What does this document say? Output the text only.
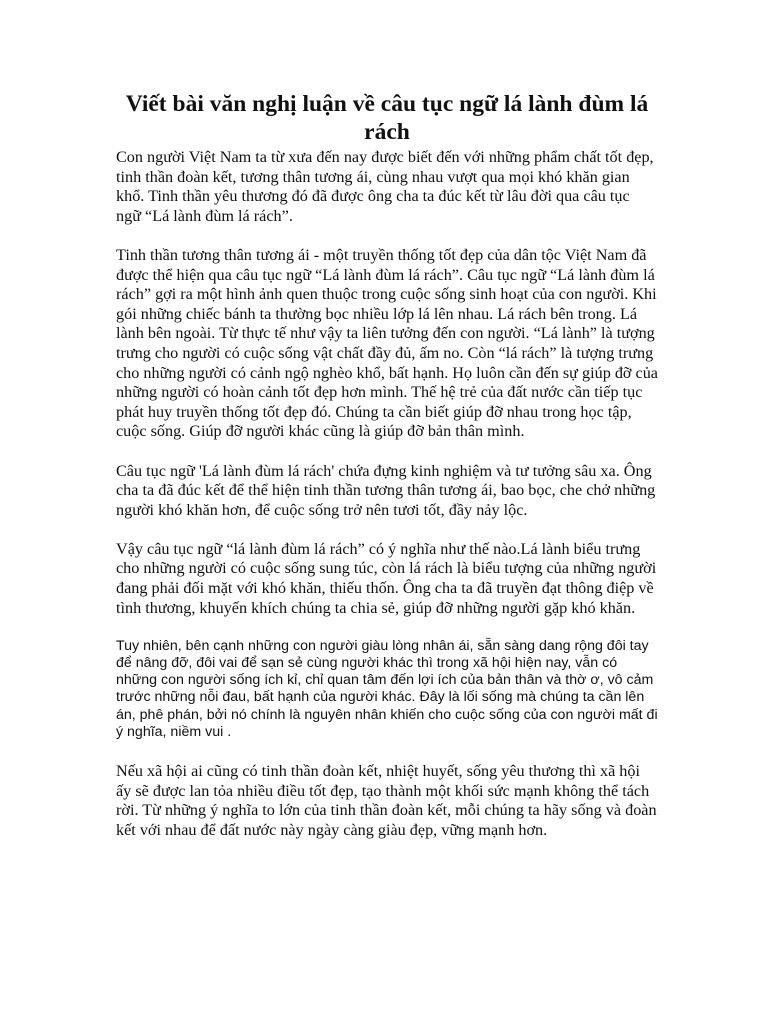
Viết bài văn nghị luận về câu tục ngữ lá lành đùm lá rách

Con người Việt Nam ta từ xưa đến nay được biết đến với những phẩm chất tốt đẹp, tinh thần đoàn kết, tương thân tương ái, cùng nhau vượt qua mọi khó khăn gian khổ. Tinh thần yêu thương đó đã được ông cha ta đúc kết từ lâu đời qua câu tục ngữ “Lá lành đùm lá rách”.

Tinh thần tương thân tương ái - một truyền thống tốt đẹp của dân tộc Việt Nam đã được thể hiện qua câu tục ngữ “Lá lành đùm lá rách”. Câu tục ngữ “Lá lành đùm lá rách” gợi ra một hình ảnh quen thuộc trong cuộc sống sinh hoạt của con người. Khi gói những chiếc bánh ta thường bọc nhiều lớp lá lên nhau. Lá rách bên trong. Lá lành bên ngoài. Từ thực tế như vậy ta liên tưởng đến con người. “Lá lành” là tượng trưng cho người có cuộc sống vật chất đầy đủ, ấm no. Còn “lá rách” là tượng trưng cho những người có cảnh ngộ nghèo khổ, bất hạnh. Họ luôn cần đến sự giúp đỡ của những người có hoàn cảnh tốt đẹp hơn mình. Thế hệ trẻ của đất nước cần tiếp tục phát huy truyền thống tốt đẹp đó. Chúng ta cần biết giúp đỡ nhau trong học tập, cuộc sống. Giúp đỡ người khác cũng là giúp đỡ bản thân mình.

Câu tục ngữ 'Lá lành đùm lá rách' chứa đựng kinh nghiệm và tư tưởng sâu xa. Ông cha ta đã đúc kết để thể hiện tinh thần tương thân tương ái, bao bọc, che chở những người khó khăn hơn, để cuộc sống trở nên tươi tốt, đầy nảy lộc.

Vậy câu tục ngữ “lá lành đùm lá rách” có ý nghĩa như thế nào.Lá lành biểu trưng cho những người có cuộc sống sung túc, còn lá rách là biểu tượng của những người đang phải đối mặt với khó khăn, thiếu thốn. Ông cha ta đã truyền đạt thông điệp về tình thương, khuyến khích chúng ta chia sẻ, giúp đỡ những người gặp khó khăn.

Tuy nhiên, bên cạnh những con người giàu lòng nhân ái, sẵn sàng dang rộng đôi tay để nâng đỡ, đôi vai để sạn sẻ cùng người khác thì trong xã hội hiện nay, vẫn có những con người sống ích kỉ, chỉ quan tâm đến lợi ích của bản thân và thờ ơ, vô cảm trước những nỗi đau, bất hạnh của người khác. Đây là lối sống mà chúng ta cần lên án, phê phán, bởi nó chính là nguyên nhân khiến cho cuộc sống của con người mất đi ý nghĩa, niềm vui .

Nếu xã hội ai cũng có tinh thần đoàn kết, nhiệt huyết, sống yêu thương thì xã hội ấy sẽ được lan tỏa nhiều điều tốt đẹp, tạo thành một khối sức mạnh không thể tách rời. Từ những ý nghĩa to lớn của tinh thần đoàn kết, mỗi chúng ta hãy sống và đoàn kết với nhau để đất nước này ngày càng giàu đẹp, vững mạnh hơn.
